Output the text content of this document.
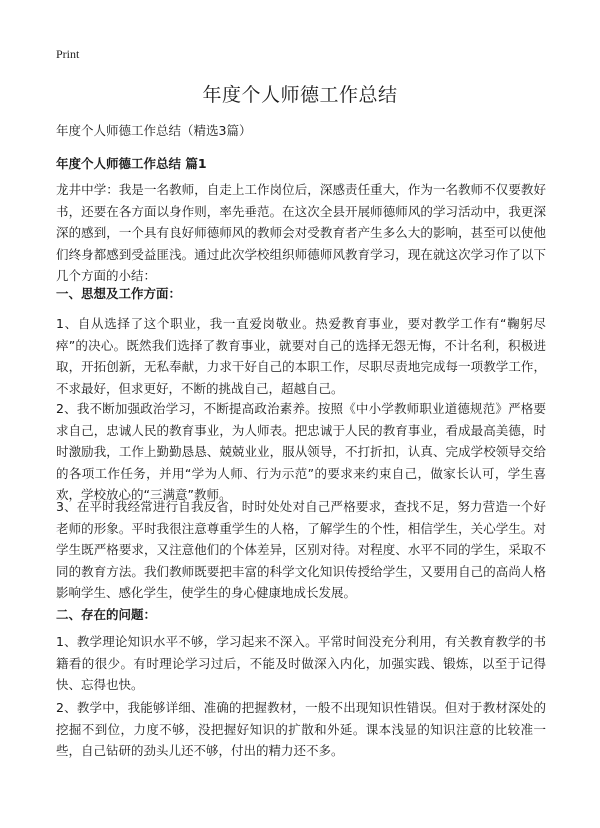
Print
年度个人师德工作总结
年度个人师德工作总结（精选3篇）
年度个人师德工作总结 篇1

龙井中学：我是一名教师，自走上工作岗位后，深感责任重大，作为一名教师不仅要教好书，还要在各方面以身作则，率先垂范。在这次全县开展师德师风的学习活动中，我更深深的感到，一个具有良好师德师风的教师会对受教育者产生多么大的影响，甚至可以使他们终身都感到受益匪浅。通过此次学校组织师德师风教育学习，现在就这次学习作了以下几个方面的小结：

一、思想及工作方面：

1、自从选择了这个职业，我一直爱岗敬业。热爱教育事业，要对教学工作有“鞠躬尽瘁”的决心。既然我们选择了教育事业，就要对自己的选择无怨无悔，不计名利，积极进取，开拓创新，无私奉献，力求干好自己的本职工作，尽职尽责地完成每一项教学工作，不求最好，但求更好，不断的挑战自己，超越自己。

2、我不断加强政治学习，不断提高政治素养。按照《中小学教师职业道德规范》严格要求自己，忠诚人民的教育事业，为人师表。把忠诚于人民的教育事业，看成最高美德，时时激励我，工作上勤勤恳恳、兢兢业业，服从领导，不打折扣，认真、完成学校领导交给的各项工作任务，并用“学为人师、行为示范”的要求来约束自己，做家长认可，学生喜欢，学校放心的“三满意”教师。

3、在平时我经常进行自我反省，时时处处对自己严格要求，查找不足，努力营造一个好老师的形象。平时我很注意尊重学生的人格，了解学生的个性，相信学生，关心学生。对学生既严格要求，又注意他们的个体差异，区别对待。对程度、水平不同的学生，采取不同的教育方法。我们教师既要把丰富的科学文化知识传授给学生，又要用自己的高尚人格影响学生、感化学生，使学生的身心健康地成长发展。

二、存在的问题：

1、教学理论知识水平不够，学习起来不深入。平常时间没充分利用，有关教育教学的书籍看的很少。有时理论学习过后，不能及时做深入内化，加强实践、锻炼，以至于记得快、忘得也快。

2、教学中，我能够详细、准确的把握教材，一般不出现知识性错误。但对于教材深处的挖掘不到位，力度不够，没把握好知识的扩散和外延。课本浅显的知识注意的比较准一些，自己钻研的劲头儿还不够，付出的精力还不多。
